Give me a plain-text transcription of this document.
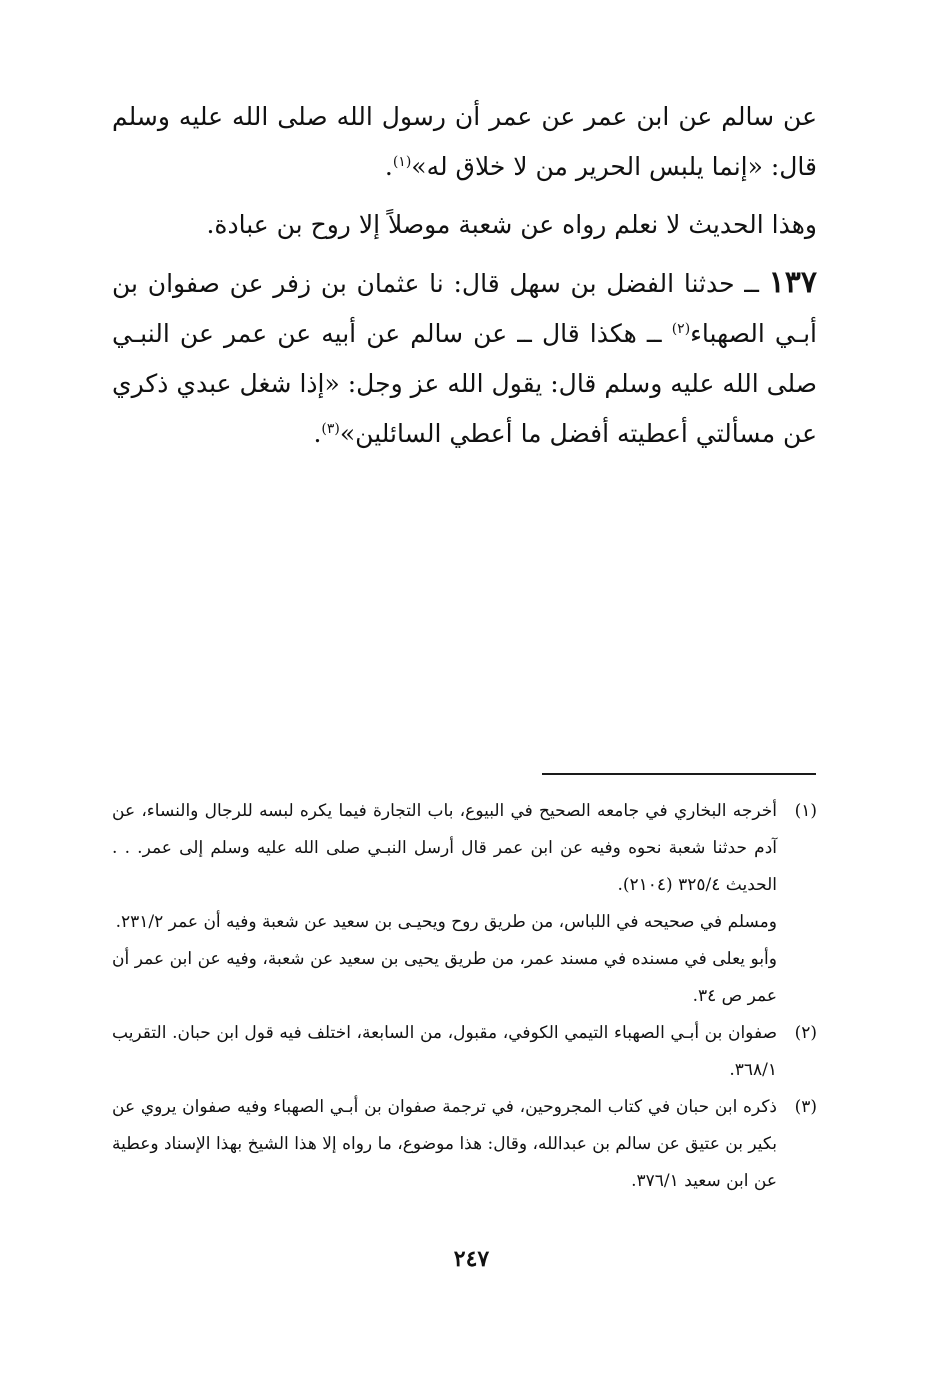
عن سالم عن ابن عمر عن عمر أن رسول الله صلى الله عليه وسلم قال: «إنما يلبس الحرير من لا خلاق له»$^{(١)}$.

وهذا الحديث لا نعلم رواه عن شعبة موصلاً إلا روح بن عبادة.

١٣٧ ــ حدثنا الفضل بن سهل قال: نا عثمان بن زفر عن صفوان بن أبـي الصهباء$^{(٢)}$ ــ هكذا قال ــ عن سالم عن أبيه عن عمر عن النبـي صلى الله عليه وسلم قال: يقول الله عز وجل: «إذا شغل عبدي ذكري عن مسألتي أعطيته أفضل ما أعطي السائلين»$^{(٣)}$.

(١)

أخرجه البخاري في جامعه الصحيح في البيوع، باب التجارة فيما يكره لبسه للرجال والنساء، عن آدم حدثنا شعبة نحوه وفيه عن ابن عمر قال أرسل النبـي صلى الله عليه وسلم إلى عمر. . . الحديث ٣٢٥/٤ (٢١٠٤).

ومسلم في صحيحه في اللباس، من طريق روح ويحيـى بن سعيد عن شعبة وفيه أن عمر ٢٣١/٢.

وأبو يعلى في مسنده في مسند عمر، من طريق يحيى بن سعيد عن شعبة، وفيه عن ابن عمر أن عمر ص ٣٤.

(٢)

صفوان بن أبـي الصهباء التيمي الكوفي، مقبول، من السابعة، اختلف فيه قول ابن حبان. التقريب ٣٦٨/١.

(٣)

ذكره ابن حبان في كتاب المجروحين، في ترجمة صفوان بن أبـي الصهباء وفيه صفوان يروي عن بكير بن عتيق عن سالم بن عبدالله، وقال: هذا موضوع، ما رواه إلا هذا الشيخ بهذا الإسناد وعطية عن ابن سعيد ٣٧٦/١.

٢٤٧
